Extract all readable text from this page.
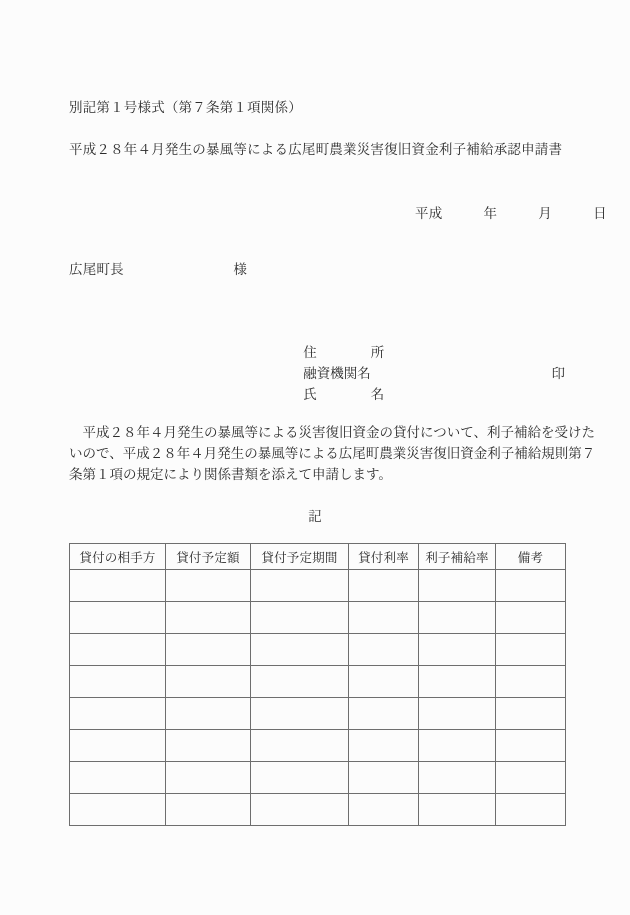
別記第１号様式（第７条第１項関係）
平成２８年４月発生の暴風等による広尾町農業災害復旧資金利子補給承認申請書
平成　　　年　　　月　　　日
広尾町長　　　　　　　　様

住　　　　所

融資機関名

氏　　　　名

印

　平成２８年４月発生の暴風等による災害復旧資金の貸付について、利子補給を受けた
いので、平成２８年４月発生の暴風等による広尾町農業災害復旧資金利子補給規則第７
条第１項の規定により関係書類を添えて申請します。
記
貸付の相手方	貸付予定額	貸付予定期間	貸付利率	利子補給率	備考
